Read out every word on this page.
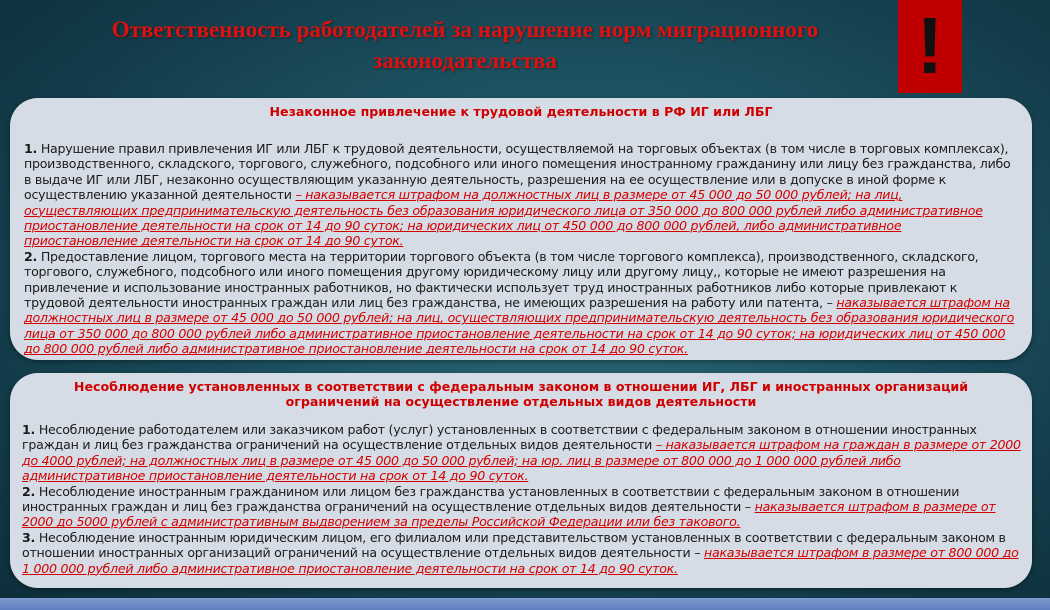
Ответственность работодателей за нарушение норм миграционного законодательства	!
Незаконное привлечение к трудовой деятельности в РФ ИГ или ЛБГ
1. Нарушение правил привлечения ИГ или ЛБГ к трудовой деятельности, осуществляемой на торговых объектах (в том числе в торговых комплексах), производственного, складского, торгового, служебного, подсобного или иного помещения иностранному гражданину или лицу без гражданства, либо в выдаче ИГ или ЛБГ, незаконно осуществляющим указанную деятельность, разрешения на ее осуществление или в допуске в иной форме к осуществлению указанной деятельности – наказывается штрафом на должностных лиц в размере от 45 000 до 50 000 рублей; на лиц, осуществляющих предпринимательскую деятельность без образования юридического лица от 350 000 до 800 000 рублей либо административное приостановление деятельности на срок от 14 до 90 суток; на юридических лиц от 450 000 до 800 000 рублей, либо административное приостановление деятельности на срок от 14 до 90 суток.
2. Предоставление лицом, торгового места на территории торгового объекта (в том числе торгового комплекса), производственного, складского, торгового, служебного, подсобного или иного помещения другому юридическому лицу или другому лицу,, которые не имеют разрешения на привлечение и использование иностранных работников, но фактически использует труд иностранных работников либо которые привлекают к трудовой деятельности иностранных граждан или лиц без гражданства, не имеющих разрешения на работу или патента, – наказывается штрафом на должностных лиц в размере от 45 000 до 50 000 рублей; на лиц, осуществляющих предпринимательскую деятельность без образования юридического лица от 350 000 до 800 000 рублей либо административное приостановление деятельности на срок от 14 до 90 суток; на юридических лиц от 450 000 до 800 000 рублей либо административное приостановление деятельности на срок от 14 до 90 суток.
Несоблюдение установленных в соответствии с федеральным законом в отношении ИГ, ЛБГ и иностранных организаций ограничений на осуществление отдельных видов деятельности
1. Несоблюдение работодателем или заказчиком работ (услуг) установленных в соответствии с федеральным законом в отношении иностранных граждан и лиц без гражданства ограничений на осуществление отдельных видов деятельности – наказывается штрафом на граждан в размере от 2000 до 4000 рублей; на должностных лиц в размере от 45 000 до 50 000 рублей; на юр. лиц в размере от 800 000 до 1 000 000 рублей либо административное приостановление деятельности на срок от 14 до 90 суток.
2. Несоблюдение иностранным гражданином или лицом без гражданства установленных в соответствии с федеральным законом в отношении иностранных граждан и лиц без гражданства ограничений на осуществление отдельных видов деятельности – наказывается штрафом в размере от 2000 до 5000 рублей с административным выдворением за пределы Российской Федерации или без такового.
3. Несоблюдение иностранным юридическим лицом, его филиалом или представительством установленных в соответствии с федеральным законом в отношении иностранных организаций ограничений на осуществление отдельных видов деятельности – наказывается штрафом в размере от 800 000 до 1 000 000 рублей либо административное приостановление деятельности на срок от 14 до 90 суток.
